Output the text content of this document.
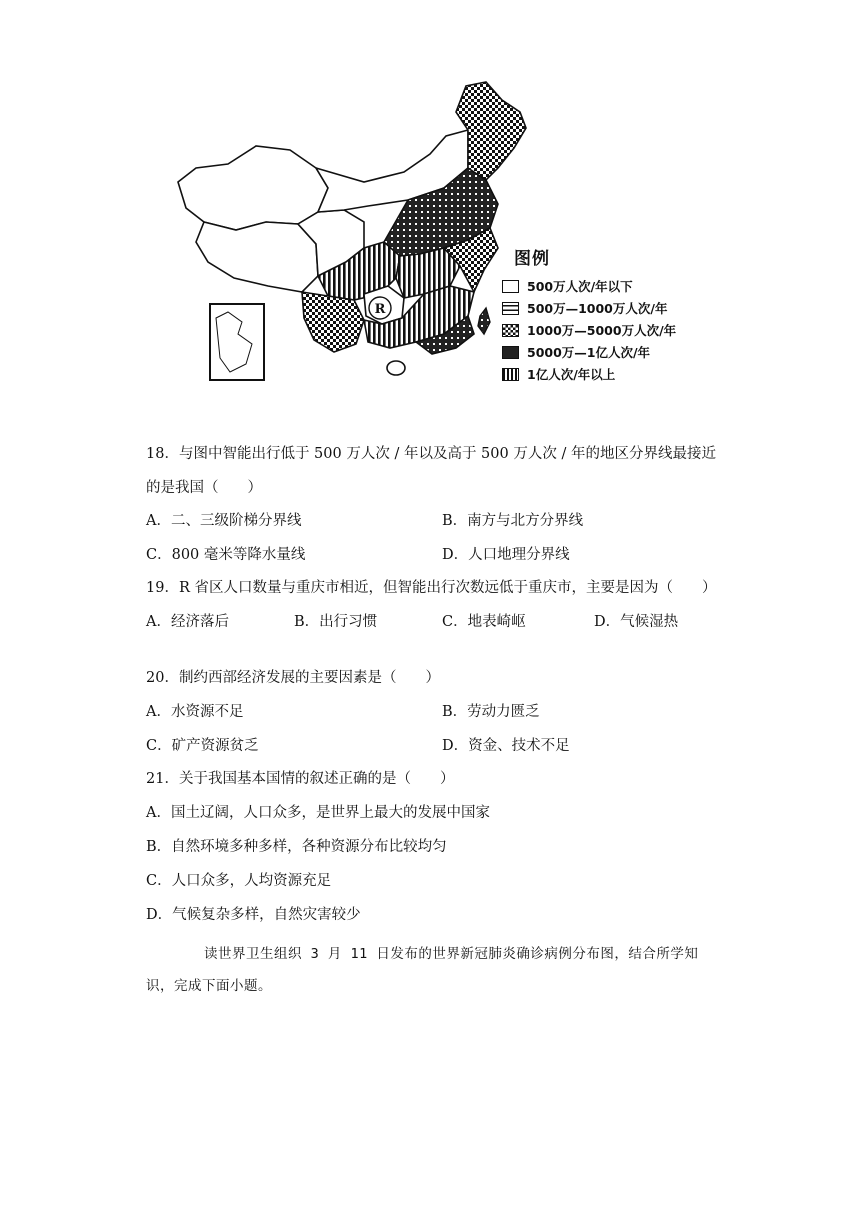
R
图例
500万人次/年以下
500万—1000万人次/年
1000万—5000万人次/年
5000万—1亿人次/年
1亿人次/年以上
18．与图中智能出行低于 500 万人次 / 年以及高于 500 万人次 / 年的地区分界线最接近
的是我国（　　）
A．二、三级阶梯分界线	B．南方与北方分界线
C．800 毫米等降水量线	D．人口地理分界线
19．R 省区人口数量与重庆市相近，但智能出行次数远低于重庆市，主要是因为（　　）
A．经济落后	B．出行习惯	C．地表崎岖	D．气候湿热
20．制约西部经济发展的主要因素是（　　）
A．水资源不足	B．劳动力匮乏
C．矿产资源贫乏	D．资金、技术不足
21．关于我国基本国情的叙述正确的是（　　）
A．国土辽阔，人口众多，是世界上最大的发展中国家
B．自然环境多种多样，各种资源分布比较均匀
C．人口众多，人均资源充足
D．气候复杂多样，自然灾害较少
读世界卫生组织 3 月 11 日发布的世界新冠肺炎确诊病例分布图，结合所学知
识，完成下面小题。
